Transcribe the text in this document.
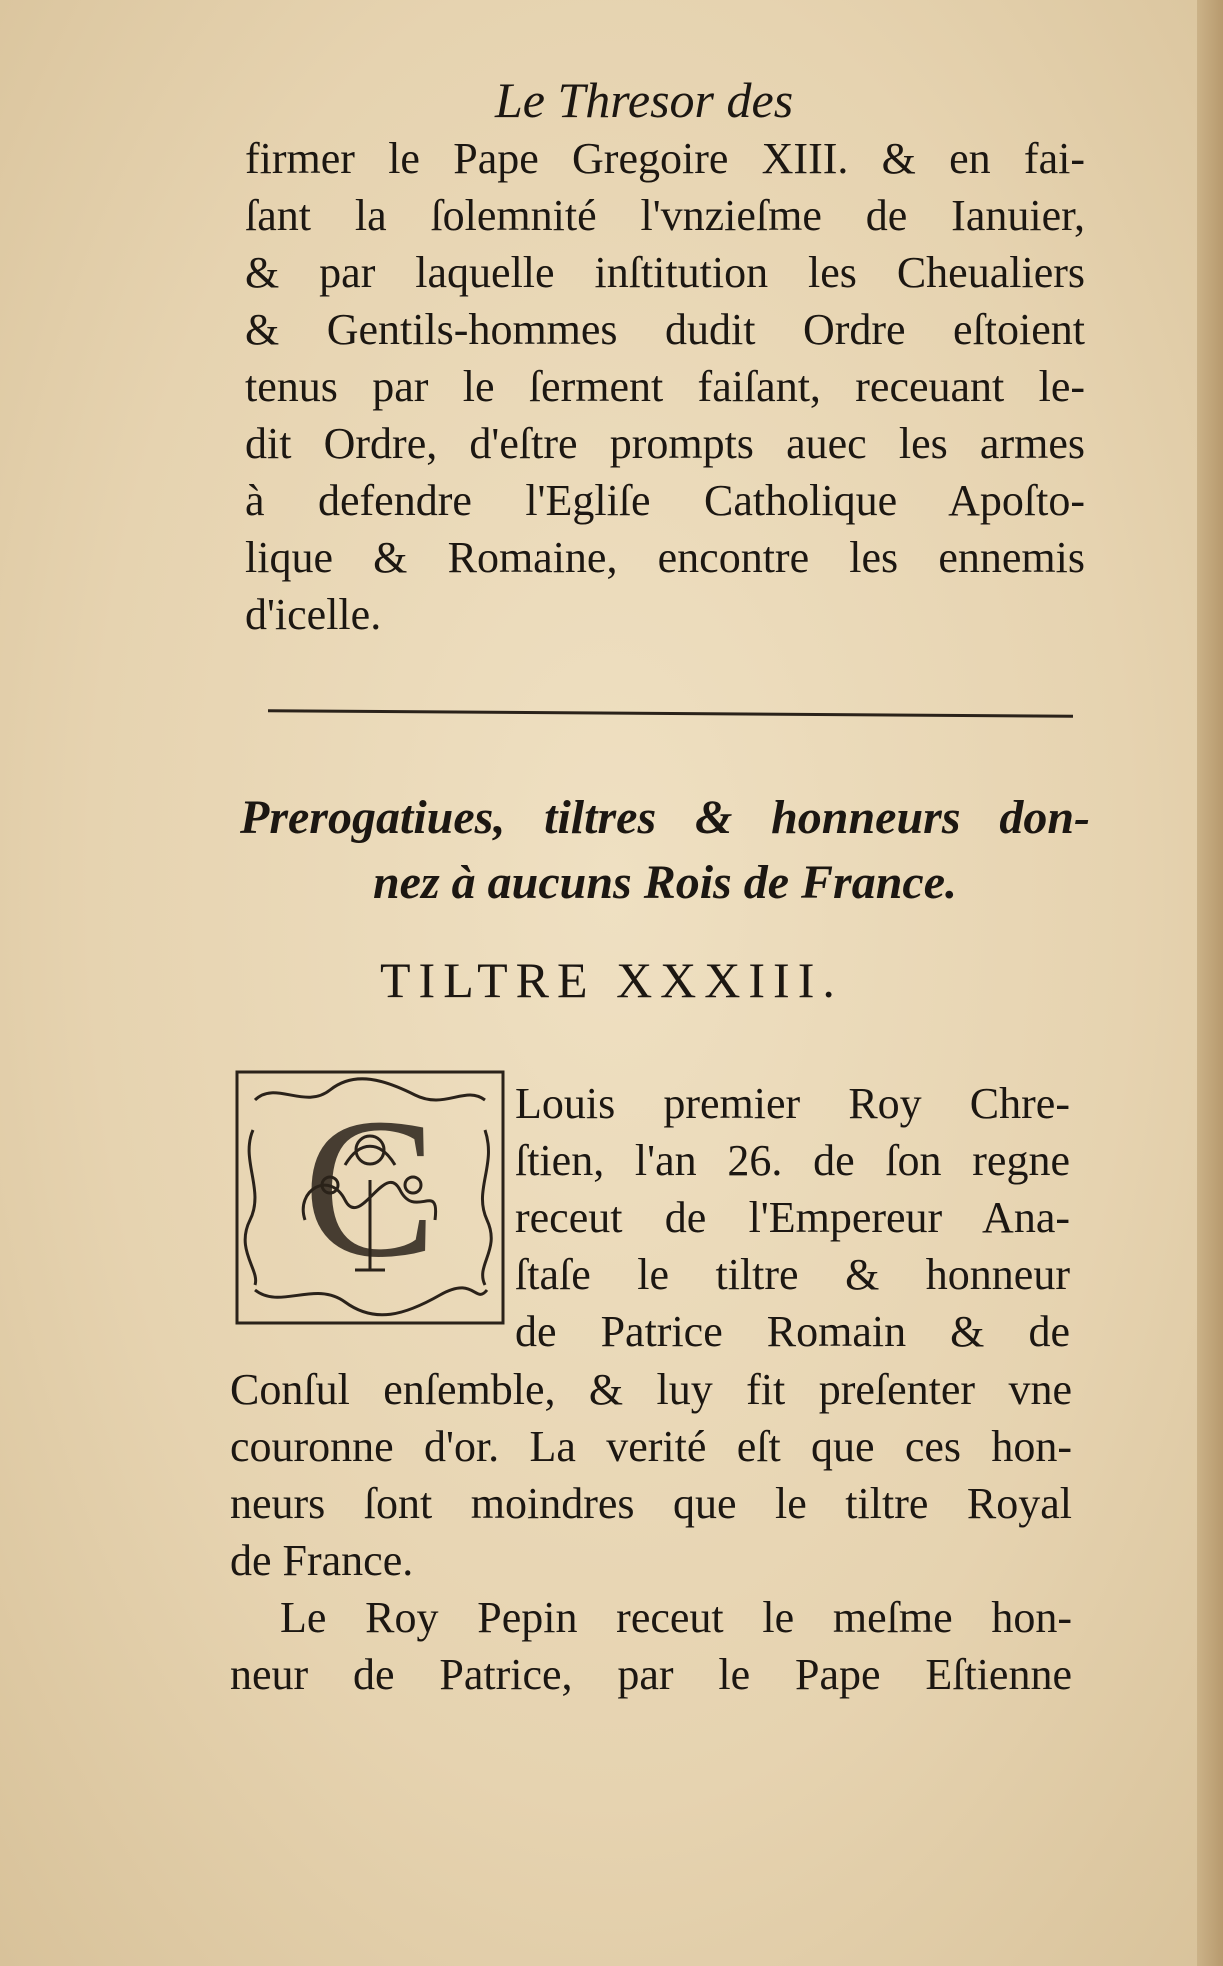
Le Thresor des
firmer le Pape Gregoire XIII. & en fai-
ſant la ſolemnité l'vnzieſme de Ianuier,
& par laquelle inſtitution les Cheualiers
& Gentils-hommes dudit Ordre eſtoient
tenus par le ſerment faiſant, receuant le-
dit Ordre, d'eſtre prompts auec les armes
à defendre l'Egliſe Catholique Apoſto-
lique & Romaine, encontre les ennemis
d'icelle.
Prerogatiues, tiltres & honneurs don-
nez à aucuns Rois de France.
TILTRE XXXIII.
C Louis premier Roy Chre-
ſtien, l'an 26. de ſon regne
receut de l'Empereur Ana-
ſtaſe le tiltre & honneur
de Patrice Romain & de
Conſul enſemble, & luy fit preſenter vne
couronne d'or. La verité eſt que ces hon-
neurs ſont moindres que le tiltre Royal
de France.
Le Roy Pepin receut le meſme hon-
neur de Patrice, par le Pape Eſtienne
